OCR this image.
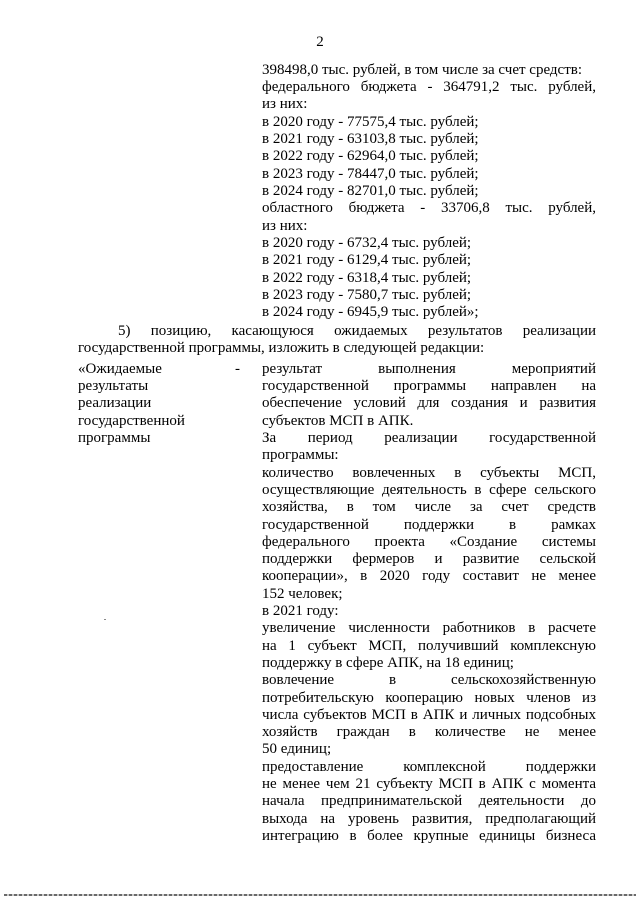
2
398498,0 тыс. рублей, в том числе за счет средств:
федерального бюджета - 364791,2 тыс. рублей,
из них:
в 2020 году - 77575,4 тыс. рублей;
в 2021 году - 63103,8 тыс. рублей;
в 2022 году - 62964,0 тыс. рублей;
в 2023 году - 78447,0 тыс. рублей;
в 2024 году - 82701,0 тыс. рублей;
областного бюджета - 33706,8 тыс. рублей,
из них:
в 2020 году - 6732,4 тыс. рублей;
в 2021 году - 6129,4 тыс. рублей;
в 2022 году - 6318,4 тыс. рублей;
в 2023 году - 7580,7 тыс. рублей;
в 2024 году - 6945,9 тыс. рублей»;
5) позицию, касающуюся ожидаемых результатов реализации
государственной программы, изложить в следующей редакции:
«Ожидаемые
результаты
реализации
государственной
программы
результат выполнения мероприятий
государственной программы направлен на
обеспечение условий для создания и развития
субъектов МСП в АПК.
За период реализации государственной
программы:
количество вовлеченных в субъекты МСП,
осуществляющие деятельность в сфере сельского
хозяйства, в том числе за счет средств
государственной поддержки в рамках
федерального проекта «Создание системы
поддержки фермеров и развитие сельской
кооперации», в 2020 году составит не менее
152 человек;
в 2021 году:
увеличение численности работников в расчете
на 1 субъект МСП, получивший комплексную
поддержку в сфере АПК, на 18 единиц;
вовлечение в сельскохозяйственную
потребительскую кооперацию новых членов из
числа субъектов МСП в АПК и личных подсобных
хозяйств граждан в количестве не менее
50 единиц;
предоставление комплексной поддержки
не менее чем 21 субъекту МСП в АПК с момента
начала предпринимательской деятельности до
выхода на уровень развития, предполагающий
интеграцию в более крупные единицы бизнеса
-
